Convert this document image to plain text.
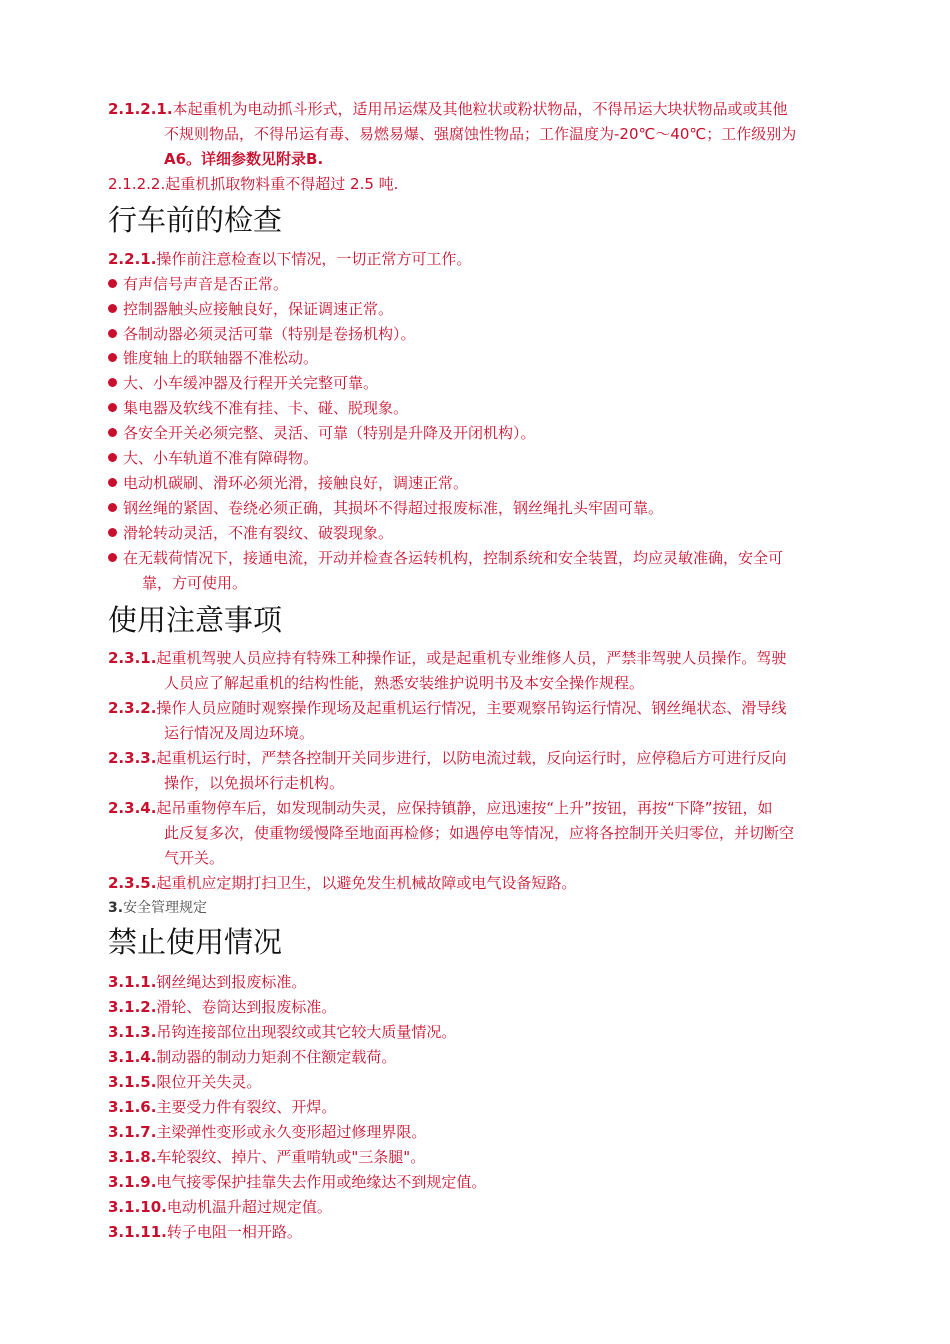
2.1.2.1.本起重机为电动抓斗形式，适用吊运煤及其他粒状或粉状物品，不得吊运大块状物品或或其他
不规则物品，不得吊运有毒、易燃易爆、强腐蚀性物品；工作温度为-20℃～40℃；工作级别为
A6。详细参数见附录B.
2.1.2.2.起重机抓取物料重不得超过 2.5 吨.
行车前的检查
2.2.1.操作前注意检查以下情况，一切正常方可工作。
有声信号声音是否正常。
控制器触头应接触良好，保证调速正常。
各制动器必须灵活可靠（特别是卷扬机构）。
锥度轴上的联轴器不准松动。
大、小车缓冲器及行程开关完整可靠。
集电器及软线不准有挂、卡、碰、脱现象。
各安全开关必须完整、灵活、可靠（特别是升降及开闭机构）。
大、小车轨道不准有障碍物。
电动机碳刷、滑环必须光滑，接触良好，调速正常。
钢丝绳的紧固、卷绕必须正确，其损坏不得超过报废标准，钢丝绳扎头牢固可靠。
滑轮转动灵活，不准有裂纹、破裂现象。
在无载荷情况下，接通电流，开动并检查各运转机构，控制系统和安全装置，均应灵敏准确，安全可
靠，方可使用。
使用注意事项
2.3.1.起重机驾驶人员应持有特殊工种操作证，或是起重机专业维修人员，严禁非驾驶人员操作。驾驶
人员应了解起重机的结构性能，熟悉安装维护说明书及本安全操作规程。
2.3.2.操作人员应随时观察操作现场及起重机运行情况，主要观察吊钩运行情况、钢丝绳状态、滑导线
运行情况及周边环境。
2.3.3.起重机运行时，严禁各控制开关同步进行，以防电流过载，反向运行时，应停稳后方可进行反向
操作，以免损坏行走机构。
2.3.4.起吊重物停车后，如发现制动失灵，应保持镇静，应迅速按“上升”按钮，再按“下降”按钮，如
此反复多次，使重物缓慢降至地面再检修；如遇停电等情况，应将各控制开关归零位，并切断空
气开关。
2.3.5.起重机应定期打扫卫生，以避免发生机械故障或电气设备短路。
3.安全管理规定
禁止使用情况
3.1.1.钢丝绳达到报废标准。
3.1.2.滑轮、卷筒达到报废标准。
3.1.3.吊钩连接部位出现裂纹或其它较大质量情况。
3.1.4.制动器的制动力矩刹不住额定载荷。
3.1.5.限位开关失灵。
3.1.6.主要受力件有裂纹、开焊。
3.1.7.主梁弹性变形或永久变形超过修理界限。
3.1.8.车轮裂纹、掉片、严重啃轨或"三条腿"。
3.1.9.电气接零保护挂靠失去作用或绝缘达不到规定值。
3.1.10.电动机温升超过规定值。
3.1.11.转子电阻一相开路。
